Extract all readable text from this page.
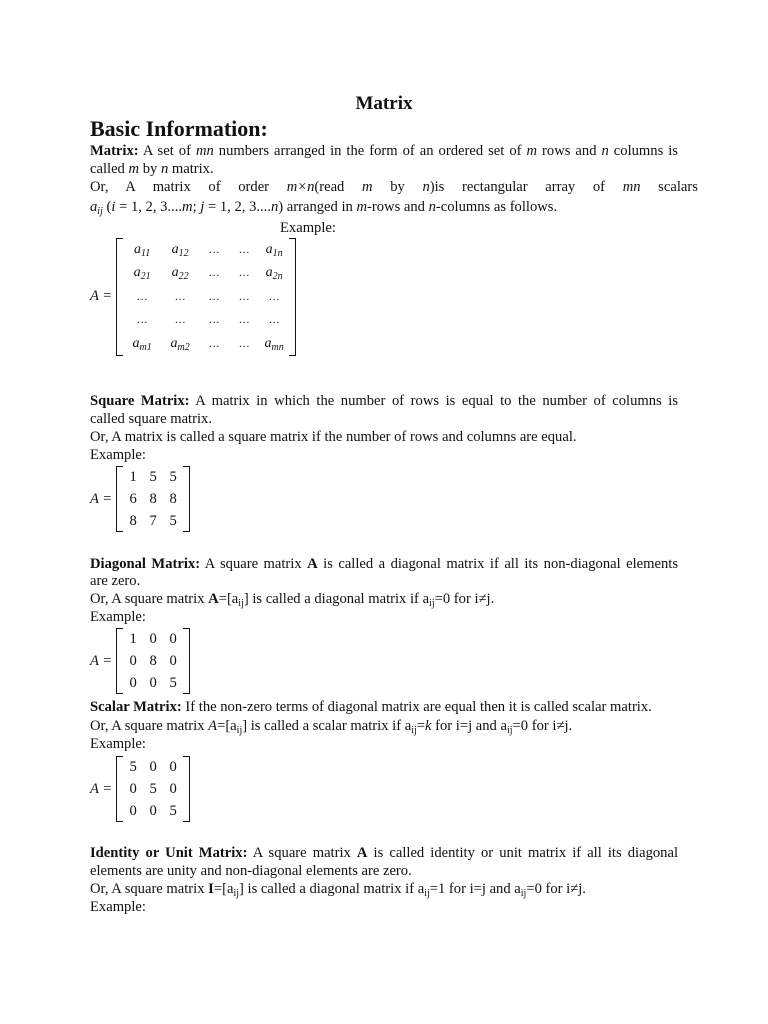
Matrix
Basic Information:
Matrix: A set of mn numbers arranged in the form of an ordered set of m rows and n columns is
called m by n matrix.
Or, A matrix of order m×n(read m by n)is rectangular array of mn scalars
$a_{ij}$ (i = 1, 2, 3....m; j = 1, 2, 3....n) arranged in m-rows and n-columns as follows.
Example:
A =
$a_{11}$	$a_{12}$	…	…	$a_{1n}$
$a_{21}$	$a_{22}$	…	…	$a_{2n}$
…	…	…	…	…
…	…	…	…	…
$a_{m1}$	$a_{m2}$	…	…	$a_{mn}$
Square Matrix: A matrix in which the number of rows is equal to the number of columns is
called square matrix.
Or, A matrix is called a square matrix if the number of rows and columns are equal.
Example:
A =
1 5 5
6 8 8
8 7 5
Diagonal Matrix: A square matrix A is called a diagonal matrix if all its non-diagonal elements
are zero.
Or, A square matrix $A=[a_{ij}]$ is called a diagonal matrix if $a_{ij}=0$ for i≠j.
Example:
A =
1 0 0
0 8 0
0 0 5
Scalar Matrix: If the non-zero terms of diagonal matrix are equal then it is called scalar matrix.
Or, A square matrix $A=[a_{ij}]$ is called a scalar matrix if $a_{ij}=k$ for i=j and $a_{ij}=0$ for i≠j.
Example:
A =
5 0 0
0 5 0
0 0 5
Identity or Unit Matrix: A square matrix A is called identity or unit matrix if all its diagonal
elements are unity and non-diagonal elements are zero.
Or, A square matrix $I=[a_{ij}]$ is called a diagonal matrix if $a_{ij}=1$ for i=j and $a_{ij}=0$ for i≠j.
Example:
